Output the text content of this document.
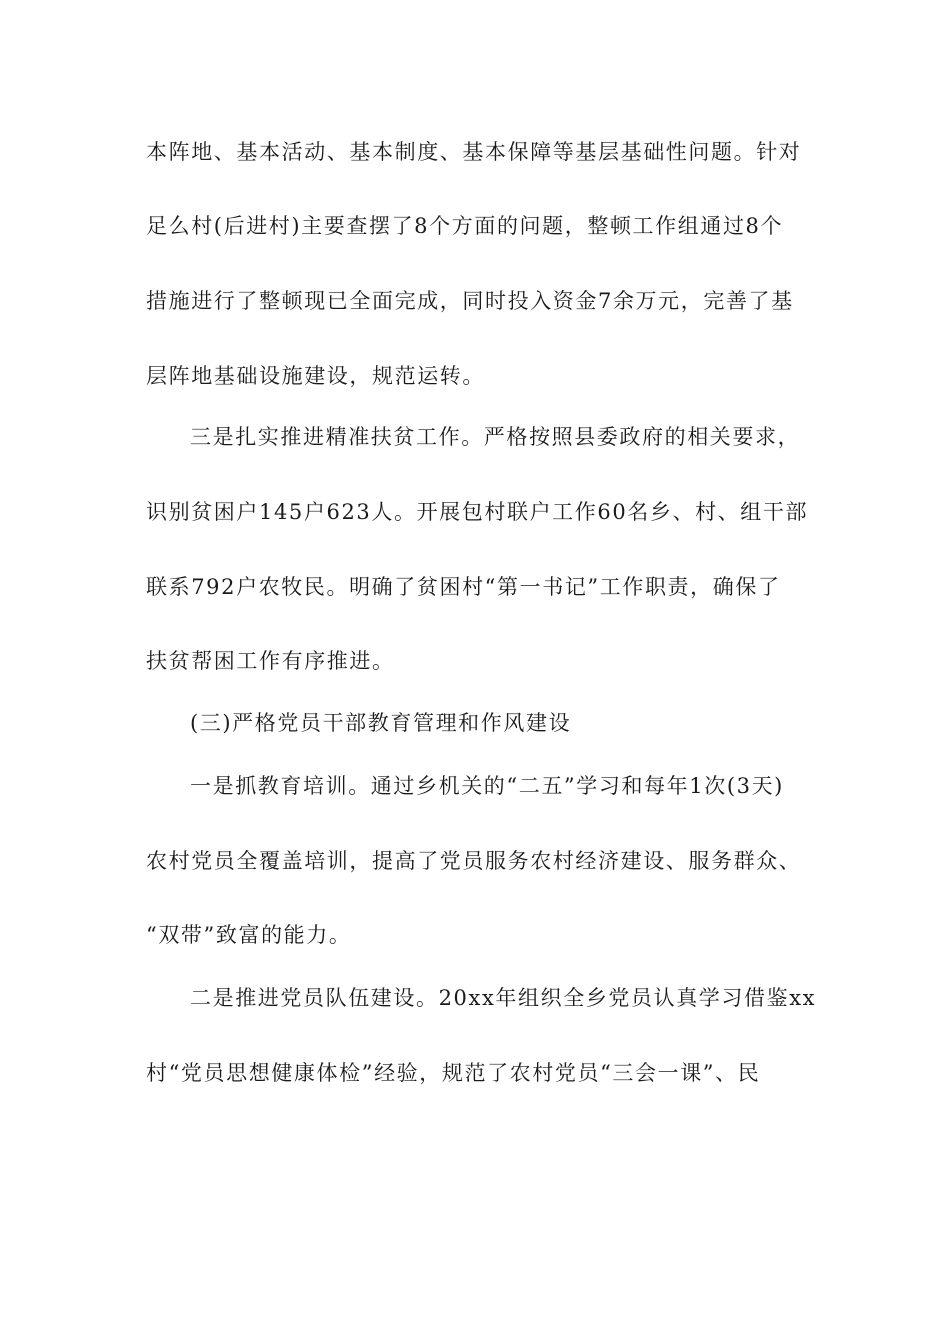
本阵地、基本活动、基本制度、基本保障等基层基础性问题。针对
足么村(后进村)主要查摆了8个方面的问题，整顿工作组通过8个
措施进行了整顿现已全面完成，同时投入资金7余万元，完善了基
层阵地基础设施建设，规范运转。
三是扎实推进精准扶贫工作。严格按照县委政府的相关要求，
识别贫困户145户623人。开展包村联户工作60名乡、村、组干部
联系792户农牧民。明确了贫困村“第一书记”工作职责，确保了
扶贫帮困工作有序推进。
(三)严格党员干部教育管理和作风建设
一是抓教育培训。通过乡机关的“二五”学习和每年1次(3天)
农村党员全覆盖培训，提高了党员服务农村经济建设、服务群众、
“双带”致富的能力。
二是推进党员队伍建设。20xx年组织全乡党员认真学习借鉴xx
村“党员思想健康体检”经验，规范了农村党员“三会一课”、民
